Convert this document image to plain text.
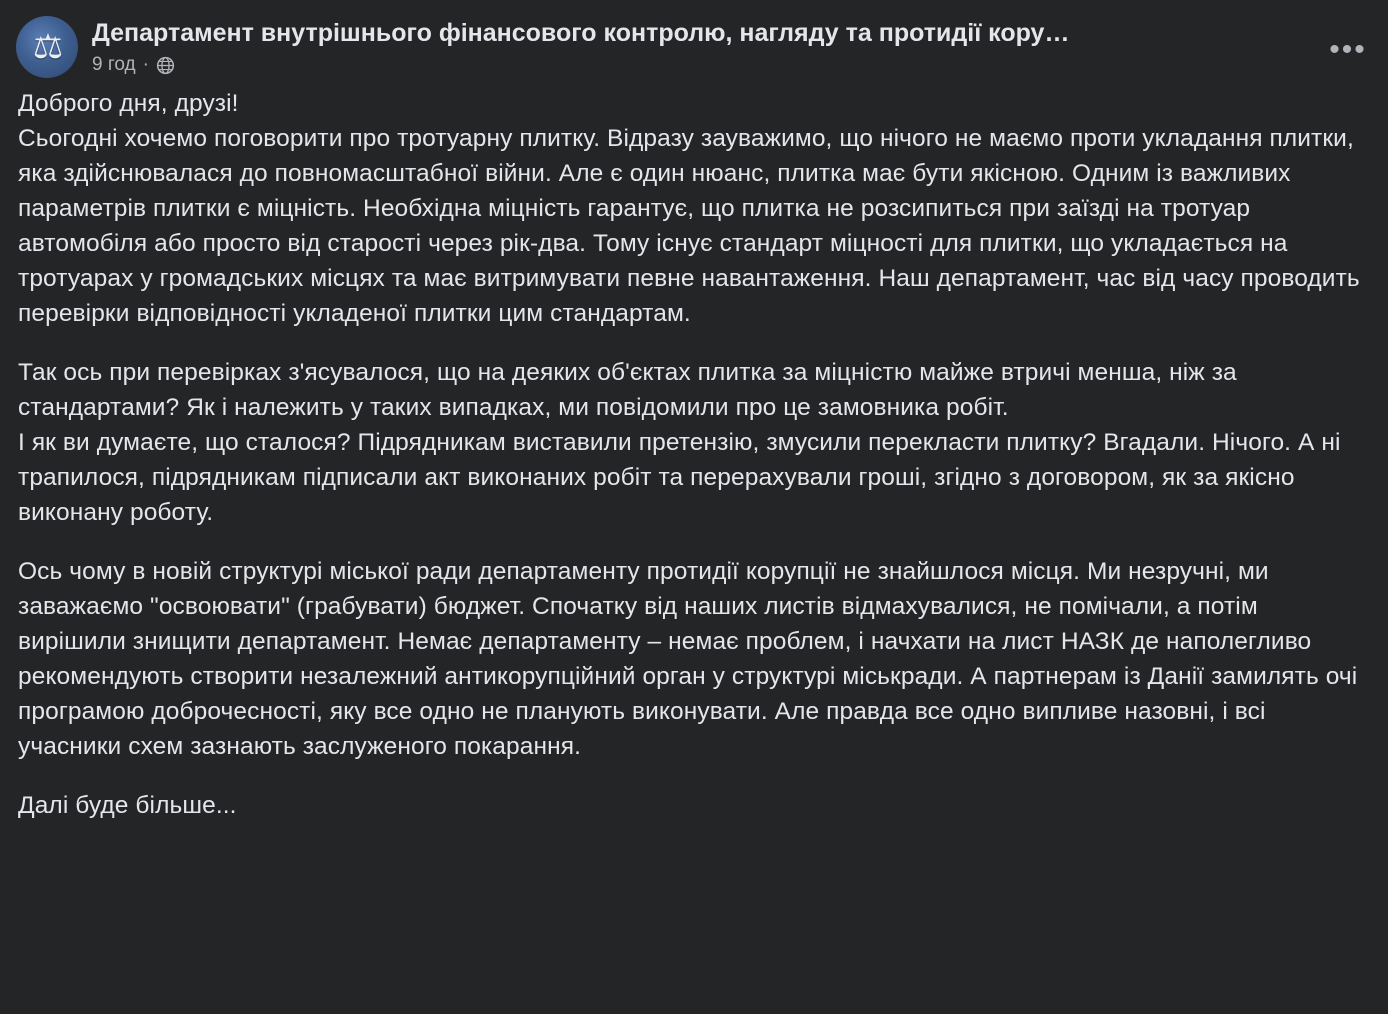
⚖	Департамент внутрішнього фінансового контролю, нагляду та протидії кору…
9 год ·	•••

Доброго дня, друзі!

Сьогодні хочемо поговорити про тротуарну плитку. Відразу зауважимо, що нічого не маємо проти укладання плитки, яка здійснювалася до повномасштабної війни. Але є один нюанс, плитка має бути якісною. Одним із важливих параметрів плитки є міцність. Необхідна міцність гарантує, що плитка не розсипиться при заїзді на тротуар автомобіля або просто від старості через рік-два. Тому існує стандарт міцності для плитки, що укладається на тротуарах у громадських місцях та має витримувати певне навантаження. Наш департамент, час від часу проводить перевірки відповідності укладеної плитки цим стандартам.

Так ось при перевірках з'ясувалося, що на деяких об'єктах плитка за міцністю майже втричі менша, ніж за стандартами? Як і належить у таких випадках, ми повідомили про це замовника робіт.

І як ви думаєте, що сталося? Підрядникам виставили претензію, змусили перекласти плитку? Вгадали. Нічого. А ні трапилося, підрядникам підписали акт виконаних робіт та перерахували гроші, згідно з договором, як за якісно виконану роботу.

Ось чому в новій структурі міської ради департаменту протидії корупції не знайшлося місця. Ми незручні, ми заважаємо "освоювати" (грабувати) бюджет. Спочатку від наших листів відмахувалися, не помічали, а потім вирішили знищити департамент. Немає департаменту – немає проблем, і начхати на лист НАЗК де наполегливо рекомендують створити незалежний антикорупційний орган у структурі міськради. А партнерам із Данії замилять очі програмою доброчесності, яку все одно не планують виконувати. Але правда все одно випливе назовні, і всі учасники схем зазнають заслуженого покарання.

Далі буде більше...
